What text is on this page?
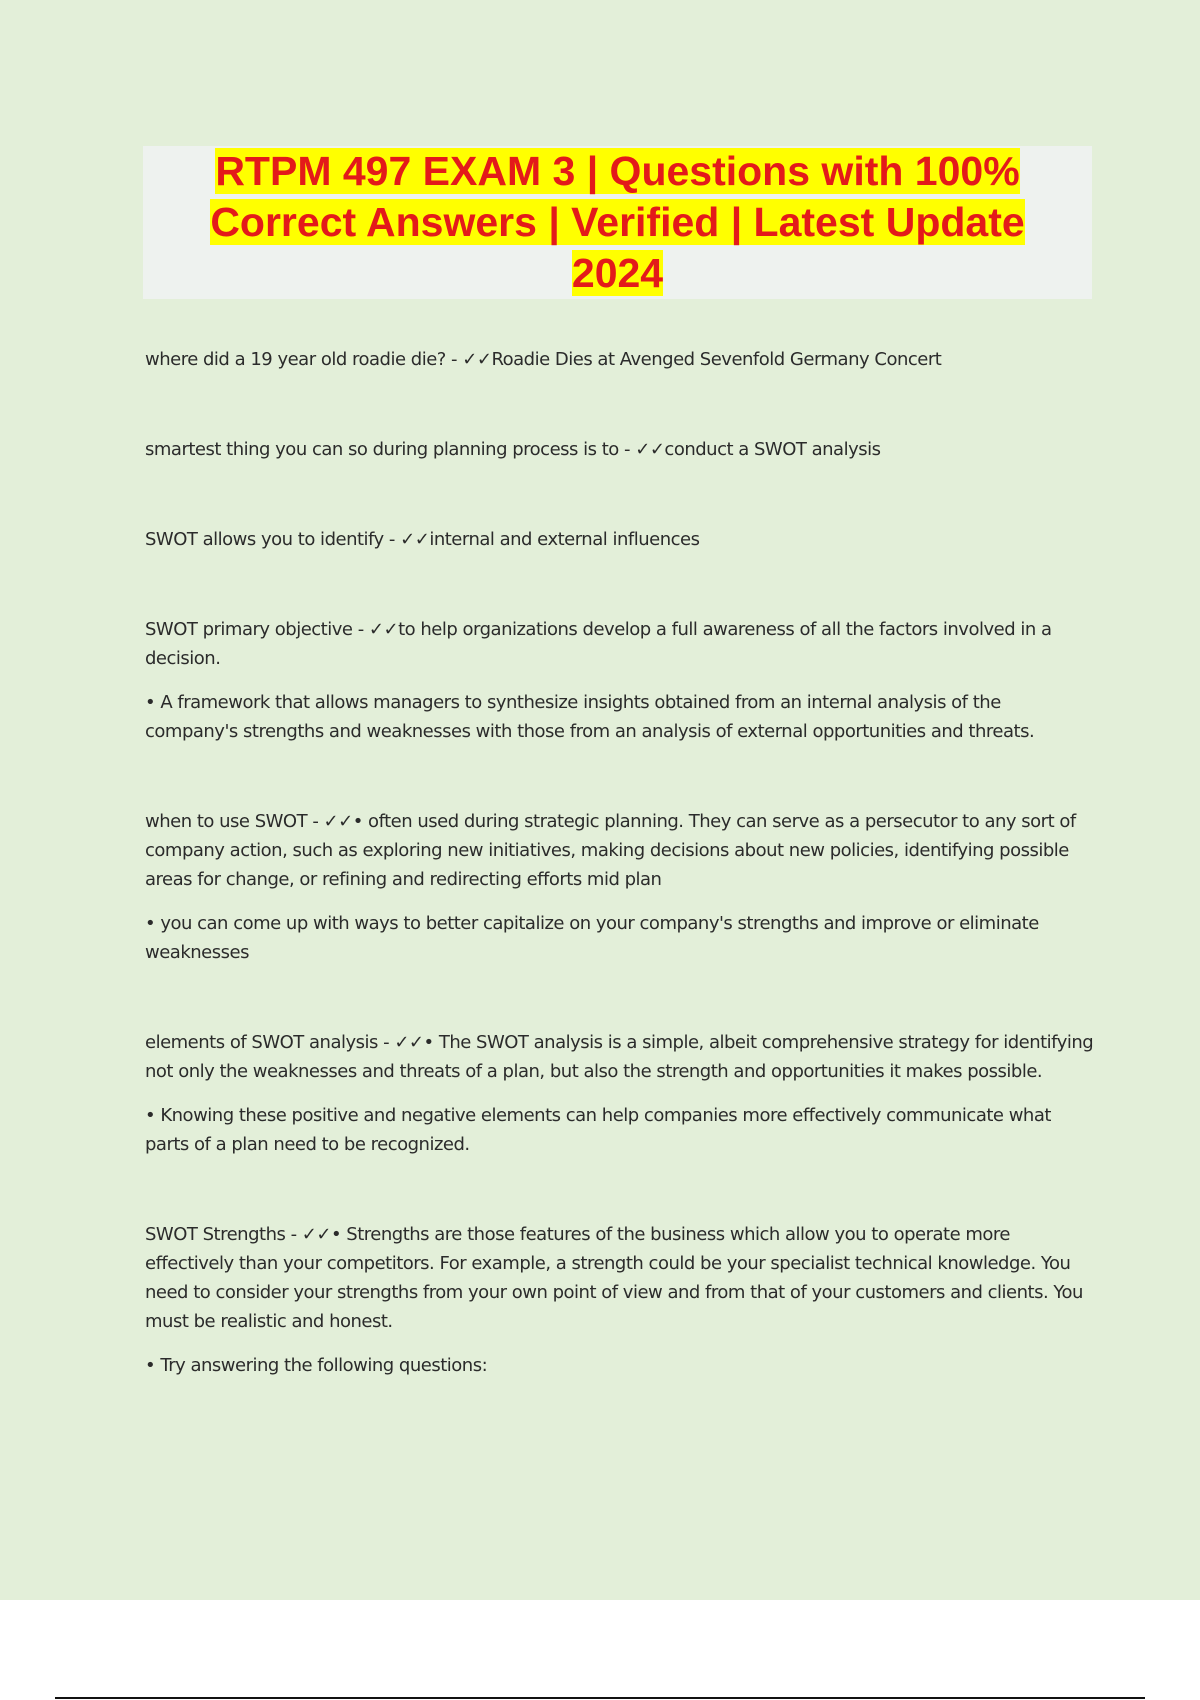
RTPM 497 EXAM 3 | Questions with 100% Correct Answers | Verified | Latest Update 2024

where did a 19 year old roadie die? - ✓✓Roadie Dies at Avenged Sevenfold Germany Concert

smartest thing you can so during planning process is to - ✓✓conduct a SWOT analysis

SWOT allows you to identify - ✓✓internal and external influences

SWOT primary objective - ✓✓to help organizations develop a full awareness of all the factors involved in a decision.

• A framework that allows managers to synthesize insights obtained from an internal analysis of the company's strengths and weaknesses with those from an analysis of external opportunities and threats.

when to use SWOT - ✓✓• often used during strategic planning. They can serve as a persecutor to any sort of company action, such as exploring new initiatives, making decisions about new policies, identifying possible areas for change, or refining and redirecting efforts mid plan

• you can come up with ways to better capitalize on your company's strengths and improve or eliminate weaknesses

elements of SWOT analysis - ✓✓• The SWOT analysis is a simple, albeit comprehensive strategy for identifying not only the weaknesses and threats of a plan, but also the strength and opportunities it makes possible.

• Knowing these positive and negative elements can help companies more effectively communicate what parts of a plan need to be recognized.

SWOT Strengths - ✓✓• Strengths are those features of the business which allow you to operate more effectively than your competitors. For example, a strength could be your specialist technical knowledge. You need to consider your strengths from your own point of view and from that of your customers and clients. You must be realistic and honest.

• Try answering the following questions:
